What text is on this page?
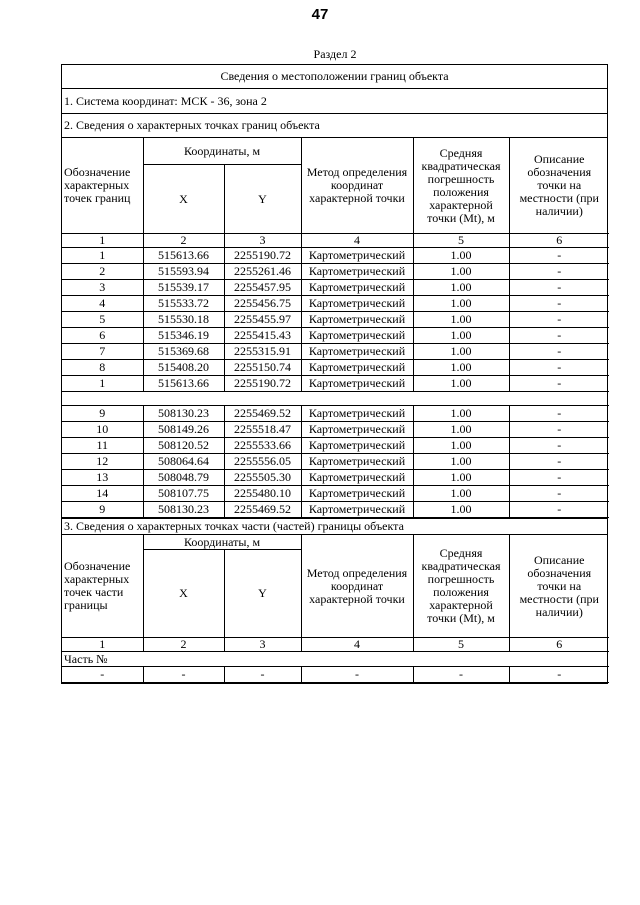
47
Раздел 2
Сведения о местоположении границ объекта
1. Система координат: МСК - 36, зона 2
2. Сведения о характерных точках границ объекта
Обозначение характерных точек границ	Координаты, м		Метод определения координат характерной точки	Средняя квадратическая погрешность положения характерной точки (Mt), м	Описание обозначения точки на местности (при наличии)
	X	Y			
1	2	3	4	5	6
1	515613.66	2255190.72	Картометрический	1.00	-
2	515593.94	2255261.46	Картометрический	1.00	-
3	515539.17	2255457.95	Картометрический	1.00	-
4	515533.72	2255456.75	Картометрический	1.00	-
5	515530.18	2255455.97	Картометрический	1.00	-
6	515346.19	2255415.43	Картометрический	1.00	-
7	515369.68	2255315.91	Картометрический	1.00	-
8	515408.20	2255150.74	Картометрический	1.00	-
1	515613.66	2255190.72	Картометрический	1.00	-

9	508130.23	2255469.52	Картометрический	1.00	-
10	508149.26	2255518.47	Картометрический	1.00	-
11	508120.52	2255533.66	Картометрический	1.00	-
12	508064.64	2255556.05	Картометрический	1.00	-
13	508048.79	2255505.30	Картометрический	1.00	-
14	508107.75	2255480.10	Картометрический	1.00	-
9	508130.23	2255469.52	Картометрический	1.00	-
3. Сведения о характерных точках части (частей) границы объекта
Обозначение характерных точек части границы	Координаты, м		Метод определения координат характерной точки	Средняя квадратическая погрешность положения характерной точки (Mt), м	Описание обозначения точки на местности (при наличии)
	X	Y			
1	2	3	4	5	6
Часть №					
-	-	-	-	-	-
